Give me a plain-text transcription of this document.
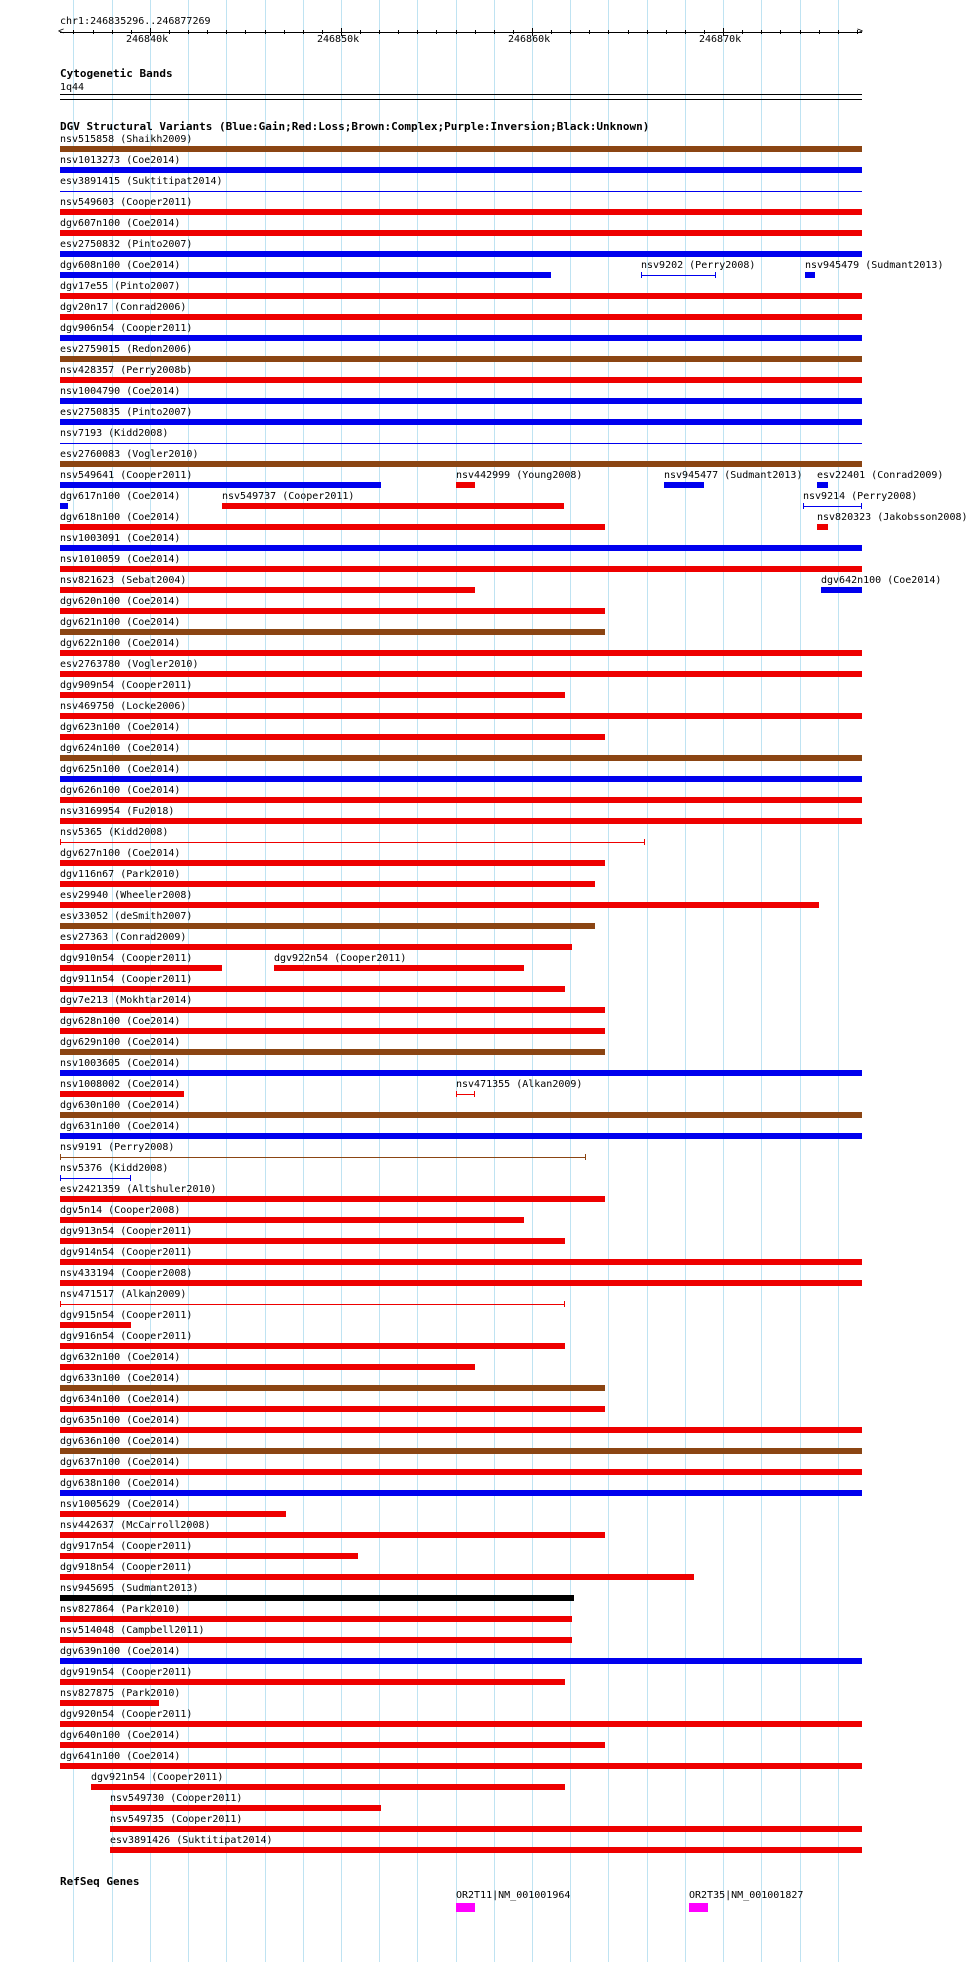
chr1:246835296..246877269
246840k	246850k	246860k	246870k
<	>
Cytogenetic Bands
1q44
DGV Structural Variants (Blue:Gain;Red:Loss;Brown:Complex;Purple:Inversion;Black:Unknown)
nsv515858 (Shaikh2009)
nsv1013273 (Coe2014)
esv3891415 (Suktitipat2014)
nsv549603 (Cooper2011)
dgv607n100 (Coe2014)
esv2750832 (Pinto2007)
dgv608n100 (Coe2014)	nsv9202 (Perry2008)	nsv945479 (Sudmant2013)
dgv17e55 (Pinto2007)
dgv20n17 (Conrad2006)
dgv906n54 (Cooper2011)
esv2759015 (Redon2006)
nsv428357 (Perry2008b)
nsv1004790 (Coe2014)
esv2750835 (Pinto2007)
nsv7193 (Kidd2008)
esv2760083 (Vogler2010)
nsv549641 (Cooper2011)	nsv442999 (Young2008)	nsv945477 (Sudmant2013) esv22401 (Conrad2009)
dgv617n100 (Coe2014)	nsv549737 (Cooper2011)	nsv9214 (Perry2008)
dgv618n100 (Coe2014)	nsv820323 (Jakobsson2008)
nsv1003091 (Coe2014)
nsv1010059 (Coe2014)
nsv821623 (Sebat2004)	dgv642n100 (Coe2014)
dgv620n100 (Coe2014)
dgv621n100 (Coe2014)
dgv622n100 (Coe2014)
esv2763780 (Vogler2010)
dgv909n54 (Cooper2011)
nsv469750 (Locke2006)
dgv623n100 (Coe2014)
dgv624n100 (Coe2014)
dgv625n100 (Coe2014)
dgv626n100 (Coe2014)
nsv3169954 (Fu2018)
nsv5365 (Kidd2008)
dgv627n100 (Coe2014)
dgv116n67 (Park2010)
esv29940 (Wheeler2008)
esv33052 (deSmith2007)
esv27363 (Conrad2009)
dgv910n54 (Cooper2011)	dgv922n54 (Cooper2011)
dgv911n54 (Cooper2011)
dgv7e213 (Mokhtar2014)
dgv628n100 (Coe2014)
dgv629n100 (Coe2014)
nsv1003605 (Coe2014)
nsv1008002 (Coe2014)	nsv471355 (Alkan2009)
dgv630n100 (Coe2014)
dgv631n100 (Coe2014)
nsv9191 (Perry2008)
nsv5376 (Kidd2008)
esv2421359 (Altshuler2010)
dgv5n14 (Cooper2008)
dgv913n54 (Cooper2011)
dgv914n54 (Cooper2011)
nsv433194 (Cooper2008)
nsv471517 (Alkan2009)
dgv915n54 (Cooper2011)
dgv916n54 (Cooper2011)
dgv632n100 (Coe2014)
dgv633n100 (Coe2014)
dgv634n100 (Coe2014)
dgv635n100 (Coe2014)
dgv636n100 (Coe2014)
dgv637n100 (Coe2014)
dgv638n100 (Coe2014)
nsv1005629 (Coe2014)
nsv442637 (McCarroll2008)
dgv917n54 (Cooper2011)
dgv918n54 (Cooper2011)
nsv945695 (Sudmant2013)
nsv827864 (Park2010)
nsv514048 (Campbell2011)
dgv639n100 (Coe2014)
dgv919n54 (Cooper2011)
nsv827875 (Park2010)
dgv920n54 (Cooper2011)
dgv640n100 (Coe2014)
dgv641n100 (Coe2014)
dgv921n54 (Cooper2011)
nsv549730 (Cooper2011)
nsv549735 (Cooper2011)
esv3891426 (Suktitipat2014)
RefSeq Genes
OR2T11|NM_001001964	OR2T35|NM_001001827
